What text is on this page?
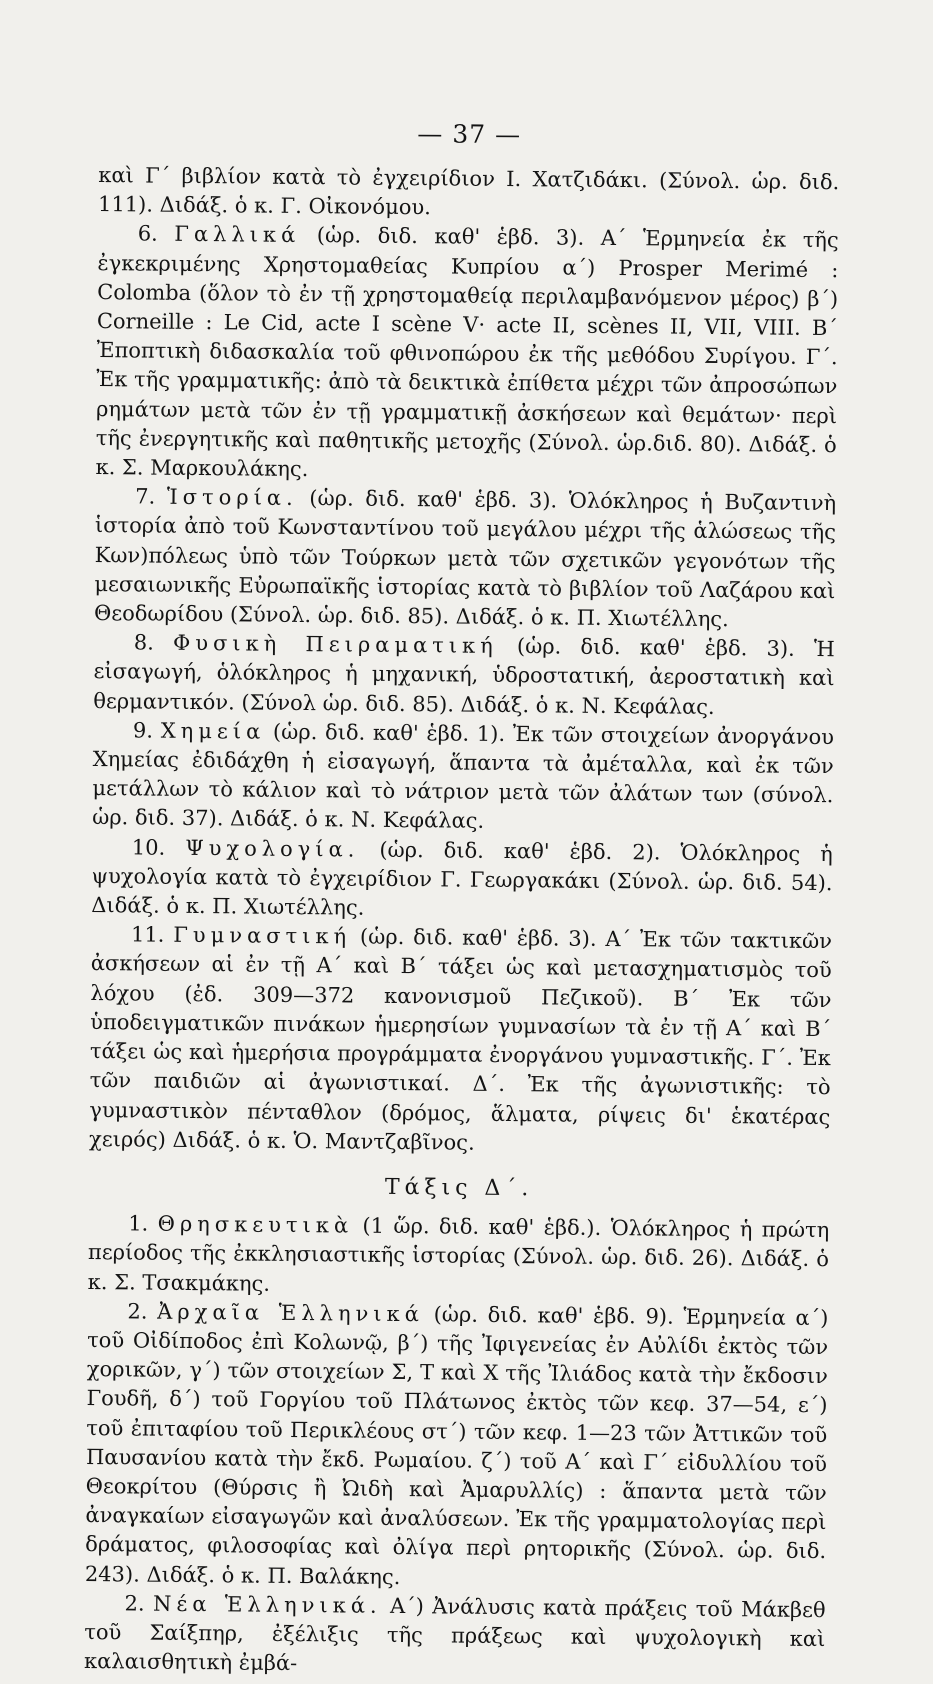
— 37 —

καὶ Γ΄ βιβλίον κατὰ τὸ ἐγχειρίδιον Ι. Χατζιδάκι. (Σύνολ. ὡρ. διδ. 111). Διδάξ. ὁ κ. Γ. Οἰκονόμου.

6. Γαλλικά (ὡρ. διδ. καθ' ἑβδ. 3). Α΄ Ἑρμηνεία ἐκ τῆς ἐγκεκριμένης Χρηστομαθείας Κυπρίου α΄) Prosper Merimé : Colomba (ὅλον τὸ ἐν τῇ χρηστομαθείᾳ περιλαμβανόμενον μέρος) β΄) Corneille : Le Cid, acte I scène V· acte II, scènes II, VII, VIII. Β΄ Ἐποπτικὴ διδασκαλία τοῦ φθινοπώρου ἐκ τῆς μεθόδου Συρίγου. Γ΄. Ἐκ τῆς γραμματικῆς: ἀπὸ τὰ δεικτικὰ ἐπίθετα μέχρι τῶν ἀπροσώπων ρημάτων μετὰ τῶν ἐν τῇ γραμματικῇ ἀσκήσεων καὶ θεμάτων· περὶ τῆς ἐνεργητικῆς καὶ παθητικῆς μετοχῆς (Σύνολ. ὡρ.διδ. 80). Διδάξ. ὁ κ. Σ. Μαρκουλάκης.

7. Ἱστορία. (ὡρ. διδ. καθ' ἑβδ. 3). Ὁλόκληρος ἡ Βυζαντινὴ ἱστορία ἀπὸ τοῦ Κωνσταντίνου τοῦ μεγάλου μέχρι τῆς ἁλώσεως τῆς Κων)πόλεως ὑπὸ τῶν Τούρκων μετὰ τῶν σχετικῶν γεγονότων τῆς μεσαιωνικῆς Εὐρωπαϊκῆς ἱστορίας κατὰ τὸ βιβλίον τοῦ Λαζάρου καὶ Θεοδωρίδου (Σύνολ. ὡρ. διδ. 85). Διδάξ. ὁ κ. Π. Χιωτέλλης.

8. Φυσικὴ Πειραματική (ὡρ. διδ. καθ' ἑβδ. 3). Ἡ εἰσαγωγή, ὁλόκληρος ἡ μηχανική, ὑδροστατική, ἀεροστατικὴ καὶ θερμαντικόν. (Σύνολ ὡρ. διδ. 85). Διδάξ. ὁ κ. Ν. Κεφάλας.

9. Χημεία (ὡρ. διδ. καθ' ἑβδ. 1). Ἐκ τῶν στοιχείων ἀνοργάνου Χημείας ἐδιδάχθη ἡ εἰσαγωγή, ἅπαντα τὰ ἀμέταλλα, καὶ ἐκ τῶν μετάλλων τὸ κάλιον καὶ τὸ νάτριον μετὰ τῶν ἀλάτων των (σύνολ. ὡρ. διδ. 37). Διδάξ. ὁ κ. Ν. Κεφάλας.

10. Ψυχολογία. (ὡρ. διδ. καθ' ἑβδ. 2). Ὁλόκληρος ἡ ψυχολογία κατὰ τὸ ἐγχειρίδιον Γ. Γεωργακάκι (Σύνολ. ὡρ. διδ. 54). Διδάξ. ὁ κ. Π. Χιωτέλλης.

11. Γυμναστική (ὡρ. διδ. καθ' ἑβδ. 3). Α΄ Ἐκ τῶν τακτικῶν ἀσκήσεων αἱ ἐν τῇ Α΄ καὶ Β΄ τάξει ὡς καὶ μετασχηματισμὸς τοῦ λόχου (ἐδ. 309—372 κανονισμοῦ Πεζικοῦ). Β΄ Ἐκ τῶν ὑποδειγματικῶν πινάκων ἡμερησίων γυμνασίων τὰ ἐν τῇ Α΄ καὶ Β΄ τάξει ὡς καὶ ἡμερήσια προγράμματα ἐνοργάνου γυμναστικῆς. Γ΄. Ἐκ τῶν παιδιῶν αἱ ἀγωνιστικαί. Δ΄. Ἐκ τῆς ἀγωνιστικῆς: τὸ γυμναστικὸν πένταθλον (δρόμος, ἅλματα, ρίψεις δι' ἑκατέρας χειρός) Διδάξ. ὁ κ. Ὁ. Μαντζαβῖνος.

Τάξις Δ΄.

1. Θρησκευτικὰ (1 ὥρ. διδ. καθ' ἑβδ.). Ὁλόκληρος ἡ πρώτη περίοδος τῆς ἐκκλησιαστικῆς ἱστορίας (Σύνολ. ὡρ. διδ. 26). Διδάξ. ὁ κ. Σ. Τσακμάκης.

2. Ἀρχαῖα Ἑλληνικά (ὡρ. διδ. καθ' ἑβδ. 9). Ἑρμηνεία α΄) τοῦ Οἰδίποδος ἐπὶ Κολωνῷ, β΄) τῆς Ἰφιγενείας ἐν Αὐλίδι ἐκτὸς τῶν χορικῶν, γ΄) τῶν στοιχείων Σ, Τ καὶ Χ τῆς Ἰλιάδος κατὰ τὴν ἔκδοσιν Γουδῆ, δ΄) τοῦ Γοργίου τοῦ Πλάτωνος ἐκτὸς τῶν κεφ. 37—54, ε΄) τοῦ ἐπιταφίου τοῦ Περικλέους στ΄) τῶν κεφ. 1—23 τῶν Ἀττικῶν τοῦ Παυσανίου κατὰ τὴν ἔκδ. Ρωμαίου. ζ΄) τοῦ Α΄ καὶ Γ΄ εἰδυλλίου τοῦ Θεοκρίτου (Θύρσις ἢ Ὠιδὴ καὶ Ἀμαρυλλίς) : ἅπαντα μετὰ τῶν ἀναγκαίων εἰσαγωγῶν καὶ ἀναλύσεων. Ἐκ τῆς γραμματολογίας περὶ δράματος, φιλοσοφίας καὶ ὀλίγα περὶ ρητορικῆς (Σύνολ. ὡρ. διδ. 243). Διδάξ. ὁ κ. Π. Βαλάκης.

2. Νέα Ἑλληνικά. Α΄) Ἀνάλυσις κατὰ πράξεις τοῦ Μάκβεθ τοῦ Σαίξπηρ, ἐξέλιξις τῆς πράξεως καὶ ψυχολογικὴ καὶ καλαισθητικὴ ἐμβά-
